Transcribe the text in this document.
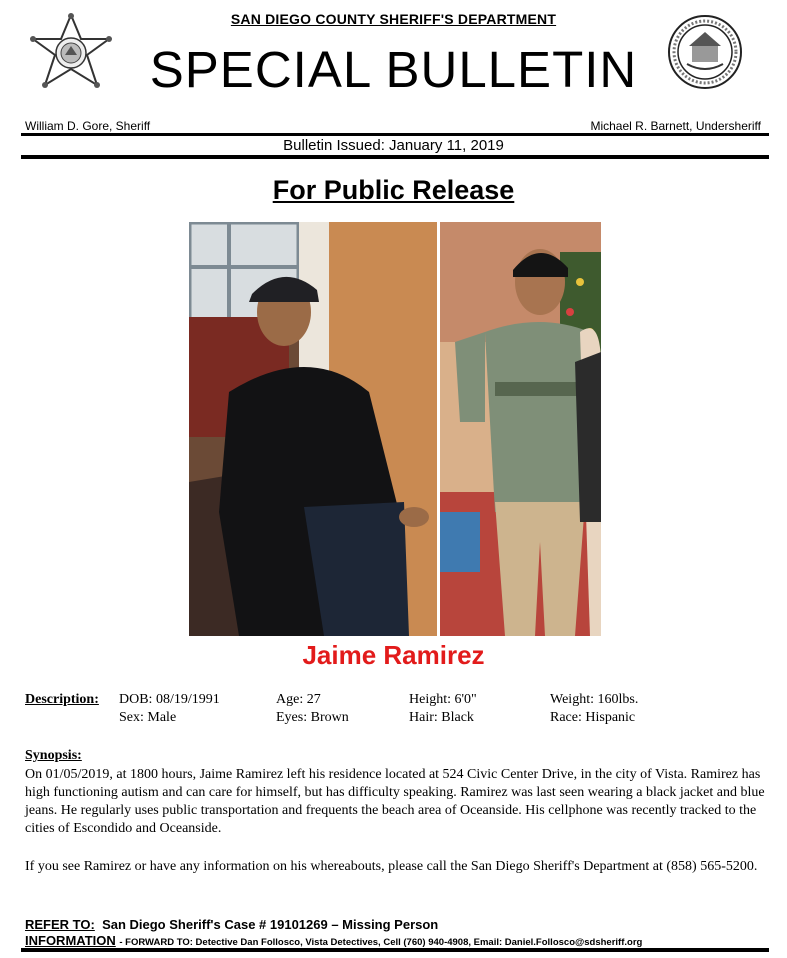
SAN DIEGO COUNTY SHERIFF'S DEPARTMENT
SPECIAL BULLETIN
William D. Gore, Sheriff	Michael R. Barnett, Undersheriff
Bulletin Issued: January 11, 2019
For Public Release
Jaime Ramirez
Description: DOB: 08/19/1991	Age: 27	Height: 6'0"	Weight: 160lbs.
Sex: Male	Eyes: Brown	Hair: Black	Race: Hispanic
Synopsis:
On 01/05/2019, at 1800 hours, Jaime Ramirez left his residence located at 524 Civic Center Drive, in the city of Vista. Ramirez has high functioning autism and can care for himself, but has difficulty speaking. Ramirez was last seen wearing a black jacket and blue jeans. He regularly uses public transportation and frequents the beach area of Oceanside. His cellphone was recently tracked to the cities of Escondido and Oceanside.
If you see Ramirez or have any information on his whereabouts, please call the San Diego Sheriff's Department at (858) 565-5200.
REFER TO: San Diego Sheriff's Case # 19101269 – Missing Person
INFORMATION - FORWARD TO: Detective Dan Follosco, Vista Detectives, Cell (760) 940-4908, Email: Daniel.Follosco@sdsheriff.org
